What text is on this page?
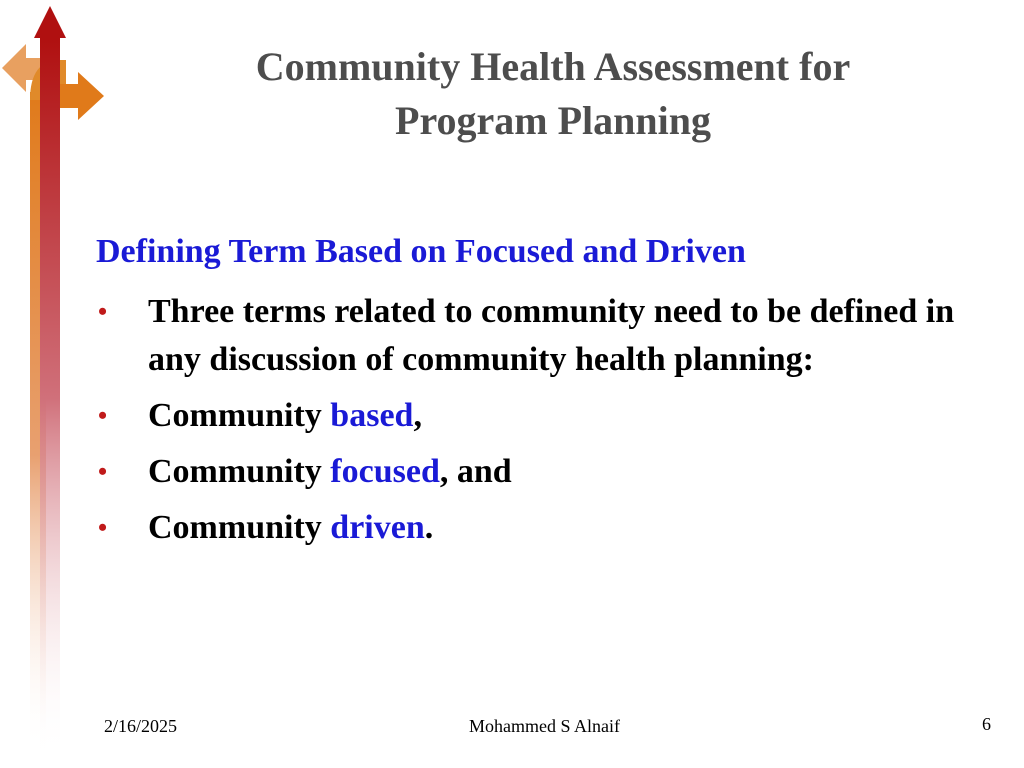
Community Health Assessment for
Program Planning
Defining Term Based on Focused and Driven
•	Three terms related to community need to be defined in any discussion of community health planning:
•	Community based,
•	Community focused, and
•	Community driven.
2/16/2025	Mohammed S Alnaif	6
